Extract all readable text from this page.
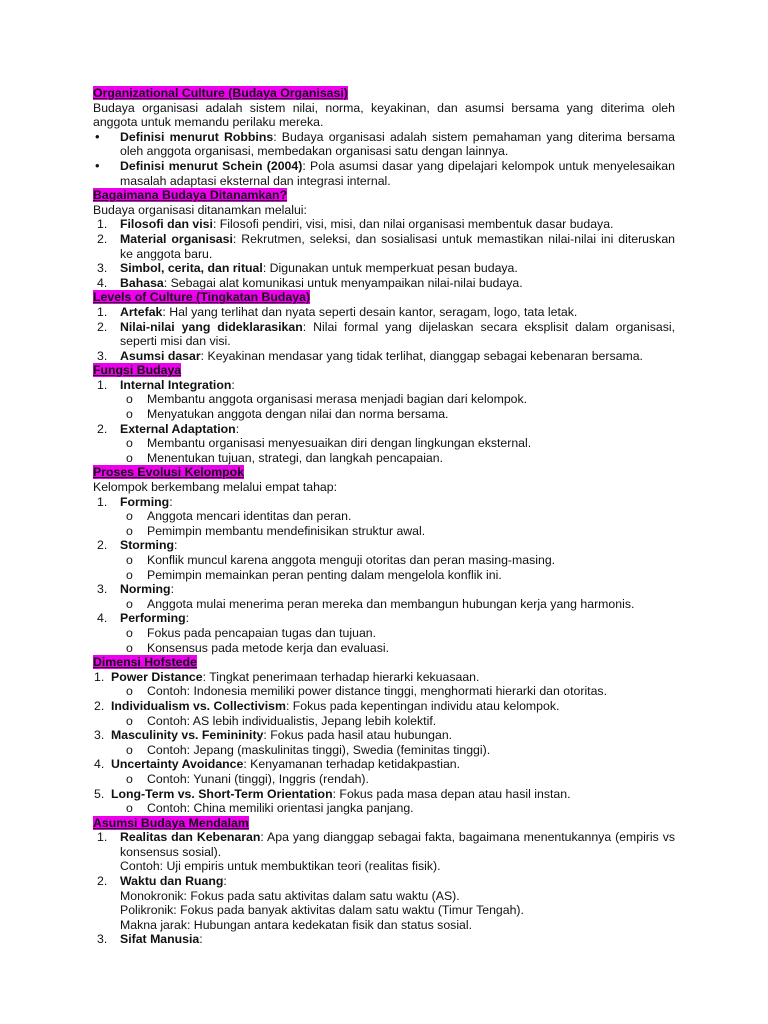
Organizational Culture (Budaya Organisasi)
Budaya organisasi adalah sistem nilai, norma, keyakinan, dan asumsi bersama yang diterima oleh anggota untuk memandu perilaku mereka.
• Definisi menurut Robbins: Budaya organisasi adalah sistem pemahaman yang diterima bersama oleh anggota organisasi, membedakan organisasi satu dengan lainnya.
• Definisi menurut Schein (2004): Pola asumsi dasar yang dipelajari kelompok untuk menyelesaikan masalah adaptasi eksternal dan integrasi internal.
Bagaimana Budaya Ditanamkan?
Budaya organisasi ditanamkan melalui:
1. Filosofi dan visi: Filosofi pendiri, visi, misi, dan nilai organisasi membentuk dasar budaya.
2. Material organisasi: Rekrutmen, seleksi, dan sosialisasi untuk memastikan nilai-nilai ini diteruskan ke anggota baru.
3. Simbol, cerita, dan ritual: Digunakan untuk memperkuat pesan budaya.
4. Bahasa: Sebagai alat komunikasi untuk menyampaikan nilai-nilai budaya.
Levels of Culture (Tingkatan Budaya)
1. Artefak: Hal yang terlihat dan nyata seperti desain kantor, seragam, logo, tata letak.
2. Nilai-nilai yang dideklarasikan: Nilai formal yang dijelaskan secara eksplisit dalam organisasi, seperti misi dan visi.
3. Asumsi dasar: Keyakinan mendasar yang tidak terlihat, dianggap sebagai kebenaran bersama.
Fungsi Budaya
1. Internal Integration:
o Membantu anggota organisasi merasa menjadi bagian dari kelompok.
o Menyatukan anggota dengan nilai dan norma bersama.
2. External Adaptation:
o Membantu organisasi menyesuaikan diri dengan lingkungan eksternal.
o Menentukan tujuan, strategi, dan langkah pencapaian.
Proses Evolusi Kelompok
Kelompok berkembang melalui empat tahap:
1. Forming:
o Anggota mencari identitas dan peran.
o Pemimpin membantu mendefinisikan struktur awal.
2. Storming:
o Konflik muncul karena anggota menguji otoritas dan peran masing-masing.
o Pemimpin memainkan peran penting dalam mengelola konflik ini.
3. Norming:
o Anggota mulai menerima peran mereka dan membangun hubungan kerja yang harmonis.
4. Performing:
o Fokus pada pencapaian tugas dan tujuan.
o Konsensus pada metode kerja dan evaluasi.
Dimensi Hofstede
1. Power Distance: Tingkat penerimaan terhadap hierarki kekuasaan.
o Contoh: Indonesia memiliki power distance tinggi, menghormati hierarki dan otoritas.
2. Individualism vs. Collectivism: Fokus pada kepentingan individu atau kelompok.
o Contoh: AS lebih individualistis, Jepang lebih kolektif.
3. Masculinity vs. Femininity: Fokus pada hasil atau hubungan.
o Contoh: Jepang (maskulinitas tinggi), Swedia (feminitas tinggi).
4. Uncertainty Avoidance: Kenyamanan terhadap ketidakpastian.
o Contoh: Yunani (tinggi), Inggris (rendah).
5. Long-Term vs. Short-Term Orientation: Fokus pada masa depan atau hasil instan.
o Contoh: China memiliki orientasi jangka panjang.
Asumsi Budaya Mendalam
1. Realitas dan Kebenaran: Apa yang dianggap sebagai fakta, bagaimana menentukannya (empiris vs konsensus sosial).
Contoh: Uji empiris untuk membuktikan teori (realitas fisik).
2. Waktu dan Ruang:
Monokronik: Fokus pada satu aktivitas dalam satu waktu (AS).
Polikronik: Fokus pada banyak aktivitas dalam satu waktu (Timur Tengah).
Makna jarak: Hubungan antara kedekatan fisik dan status sosial.
3. Sifat Manusia:
